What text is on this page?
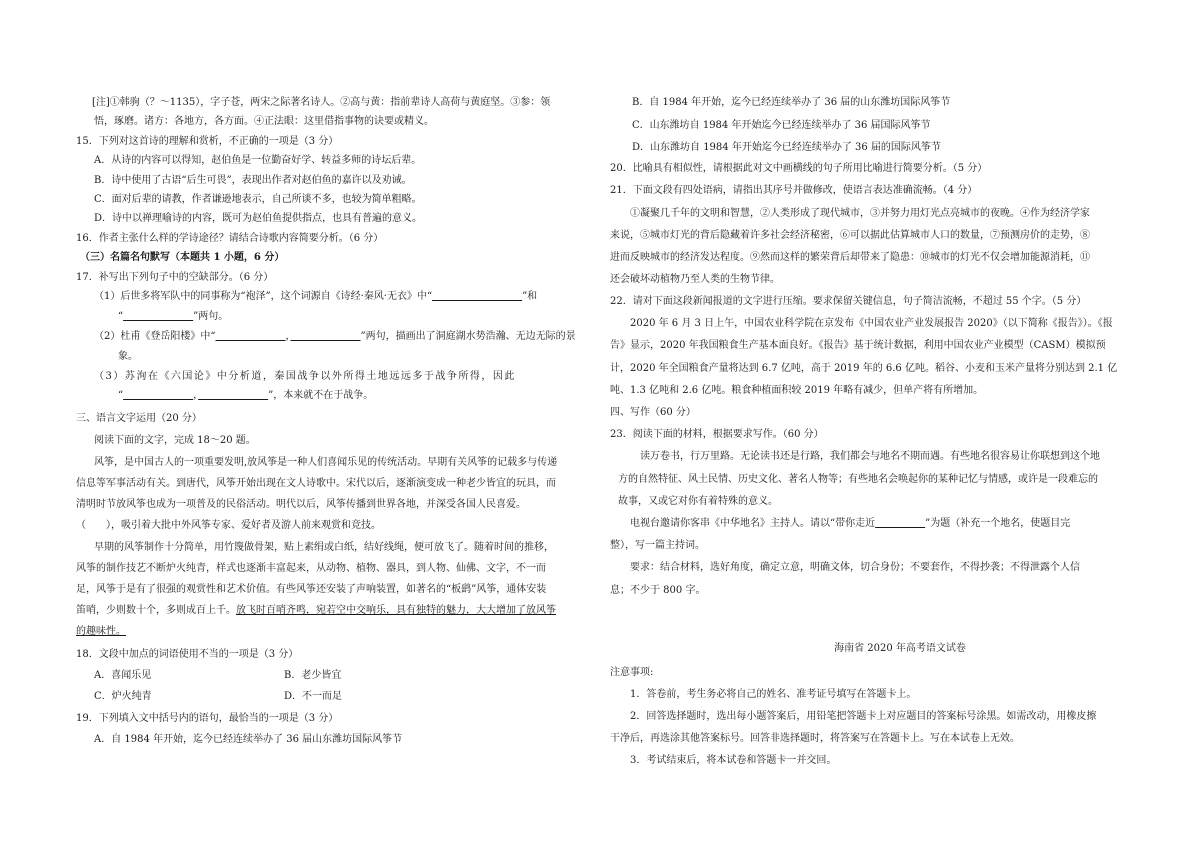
[注]①韩驹（？～1135），字子苍，两宋之际著名诗人。②高与黄：指前辈诗人高荷与黄庭坚。③参：领
悟，琢磨。诸方：各地方，各方面。④正法眼：这里借指事物的诀要或精义。
15．下列对这首诗的理解和赏析，不正确的一项是（3 分）
A．从诗的内容可以得知，赵伯鱼是一位勤奋好学、转益多师的诗坛后辈。
B．诗中使用了古语“后生可畏”，表现出作者对赵伯鱼的嘉许以及劝诫。
C．面对后辈的请教，作者谦逊地表示，自己所谈不多，也较为简单粗略。
D．诗中以禅理喻诗的内容，既可为赵伯鱼提供指点，也具有普遍的意义。
16．作者主张什么样的学诗途径？请结合诗歌内容简要分析。（6 分）
（三）名篇名句默写（本题共 1 小题，6 分）
17．补写出下列句子中的空缺部分。（6 分）
（1）后世多将军队中的同事称为“袍泽”，这个词源自《诗经·秦风·无衣》中“　　　　　　　　　	”和
“　　　　　　　	”两句。
（2）杜甫《登岳阳楼》中“　　　　　　　	，　　　　　　　	”两句，描画出了洞庭湖水势浩瀚、无边无际的景
象。
（3）苏洵在《六国论》中分析道，秦国战争以外所得土地远远多于战争所得，因此
“　　　　　　　	，　　　　　　　	”，本来就不在于战争。
三、语言文字运用（20 分）
阅读下面的文字，完成 18～20 题。
风筝，是中国古人的一项重要发明,放风筝是一种人们喜闻乐见的传统活动。早期有关风筝的记载多与传递
信息等军事活动有关。到唐代，风筝开始出现在文人诗歌中。宋代以后，逐渐演变成一种老少皆宜的玩具，而
清明时节放风筝也成为一项普及的民俗活动。明代以后，风筝传播到世界各地，并深受各国人民喜爱。
（　　），吸引着大批中外风筝专家、爱好者及游人前来观赏和竞技。
早期的风筝制作十分简单，用竹篾做骨架，贴上素绢或白纸，结好线绳，便可放飞了。随着时间的推移，
风筝的制作技艺不断炉火纯青，样式也逐渐丰富起来，从动物、植物、器具，到人物、仙佛、文字，不一而
足，风筝于是有了很强的观赏性和艺术价值。有些风筝还安装了声响装置，如著名的“板鹞”风筝，通体安装
笛哨，少则数十个，多则成百上千。放飞时百哨齐鸣，宛若空中交响乐，具有独特的魅力，大大增加了放风筝
的趣味性。
18．文段中加点的词语使用不当的一项是（3 分）
A．喜闻乐见	B．老少皆宜
C．炉火纯青	D．不一而足
19．下列填入文中括号内的语句，最恰当的一项是（3 分）
A．自 1984 年开始，迄今已经连续举办了 36 届山东潍坊国际风筝节
B．自 1984 年开始，迄今已经连续举办了 36 届的山东潍坊国际风筝节
C．山东潍坊自 1984 年开始迄今已经连续举办了 36 届国际风筝节
D．山东潍坊自 1984 年开始迄今已经连续举办了 36 届的国际风筝节
20．比喻具有相似性，请根据此对文中画横线的句子所用比喻进行简要分析。（5 分）
21．下面文段有四处语病，请指出其序号并做修改，使语言表达准确流畅。（4 分）
①凝聚几千年的文明和智慧，②人类形成了现代城市，③并努力用灯光点亮城市的夜晚。④作为经济学家
来说，⑤城市灯光的背后隐藏着许多社会经济秘密，⑥可以据此估算城市人口的数量，⑦预测房价的走势，⑧
进而反映城市的经济发达程度。⑨然而这样的繁荣背后却带来了隐患：⑩城市的灯光不仅会增加能源消耗，⑪
还会破坏动植物乃至人类的生物节律。
22．请对下面这段新闻报道的文字进行压缩。要求保留关键信息，句子简洁流畅，不超过 55 个字。（5 分）
2020 年 6 月 3 日上午，中国农业科学院在京发布《中国农业产业发展报告 2020》（以下简称《报告》）。《报
告》显示，2020 年我国粮食生产基本面良好。《报告》基于统计数据，利用中国农业产业模型（CASM）模拟预
计，2020 年全国粮食产量将达到 6.7 亿吨，高于 2019 年的 6.6 亿吨。稻谷、小麦和玉米产量将分别达到 2.1 亿
吨、1.3 亿吨和 2.6 亿吨。粮食种植面积较 2019 年略有减少，但单产将有所增加。
四、写作（60 分）
23．阅读下面的材料，根据要求写作。（60 分）
读万卷书，行万里路。无论读书还是行路，我们都会与地名不期而遇。有些地名很容易让你联想到这个地
方的自然特征、风土民情、历史文化、著名人物等；有些地名会唤起你的某种记忆与情感，或许是一段难忘的
故事，又或它对你有着特殊的意义。
电视台邀请你客串《中华地名》主持人。请以“带你走近　　　　　	”为题（补充一个地名，使题目完
整），写一篇主持词。
要求：结合材料，选好角度，确定立意，明确文体，切合身份；不要套作，不得抄袭；不得泄露个人信
息；不少于 800 字。
海南省 2020 年高考语文试卷
注意事项:
1．答卷前，考生务必将自己的姓名、准考证号填写在答题卡上。
2．回答选择题时，选出每小题答案后，用铅笔把答题卡上对应题目的答案标号涂黑。如需改动，用橡皮擦
干净后，再选涂其他答案标号。回答非选择题时，将答案写在答题卡上。写在本试卷上无效。
3．考试结束后，将本试卷和答题卡一并交回。
